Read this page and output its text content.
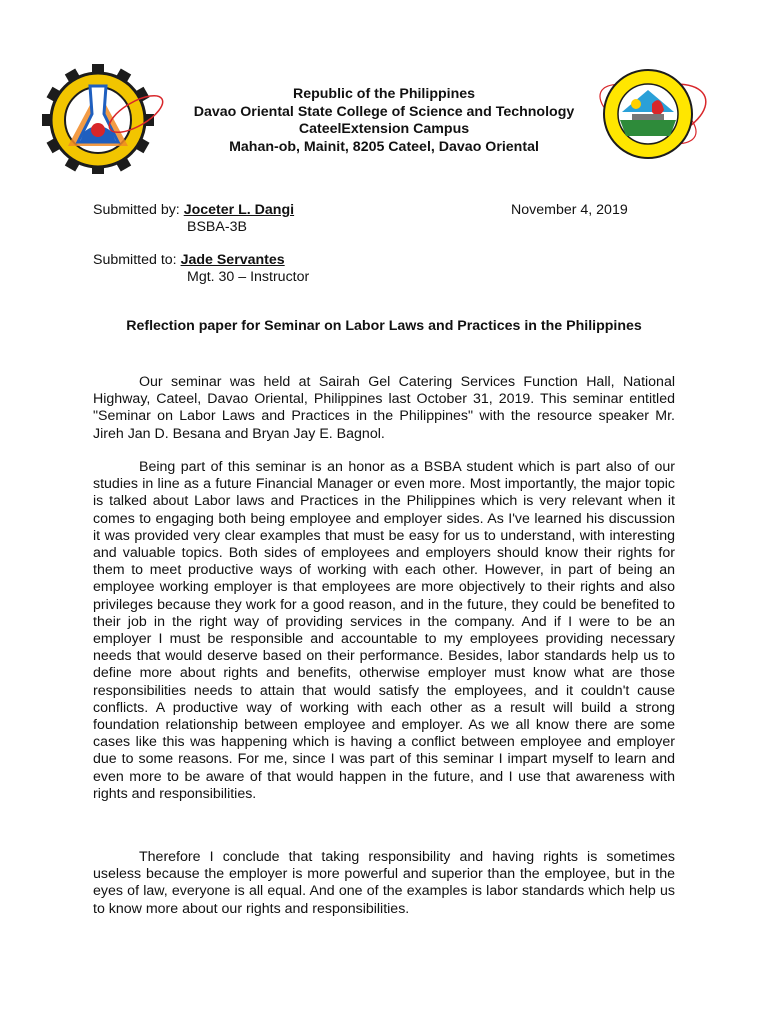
Republic of the Philippines
Davao Oriental State College of Science and Technology
CateelExtension Campus
Mahan-ob, Mainit, 8205 Cateel, Davao Oriental
Submitted by: Joceter L. Dangi	November 4, 2019
BSBA-3B
Submitted to: Jade Servantes
Mgt. 30 – Instructor
Reflection paper for Seminar on Labor Laws and Practices in the Philippines

Our seminar was held at Sairah Gel Catering Services Function Hall, National Highway, Cateel, Davao Oriental, Philippines last October 31, 2019. This seminar entitled "Seminar on Labor Laws and Practices in the Philippines" with the resource speaker Mr. Jireh Jan D. Besana and Bryan Jay E. Bagnol.

Being part of this seminar is an honor as a BSBA student which is part also of our studies in line as a future Financial Manager or even more. Most importantly, the major topic is talked about Labor laws and Practices in the Philippines which is very relevant when it comes to engaging both being employee and employer sides. As I've learned his discussion it was provided very clear examples that must be easy for us to understand, with interesting and valuable topics. Both sides of employees and employers should know their rights for them to meet productive ways of working with each other. However, in part of being an employee working employer is that employees are more objectively to their rights and also privileges because they work for a good reason, and in the future, they could be benefited to their job in the right way of providing services in the company. And if I were to be an employer I must be responsible and accountable to my employees providing necessary needs that would deserve based on their performance. Besides, labor standards help us to define more about rights and benefits, otherwise employer must know what are those responsibilities needs to attain that would satisfy the employees, and it couldn't cause conflicts. A productive way of working with each other as a result will build a strong foundation relationship between employee and employer. As we all know there are some cases like this was happening which is having a conflict between employee and employer due to some reasons. For me, since I was part of this seminar I impart myself to learn and even more to be aware of that would happen in the future, and I use that awareness with rights and responsibilities.

Therefore I conclude that taking responsibility and having rights is sometimes useless because the employer is more powerful and superior than the employee, but in the eyes of law, everyone is all equal. And one of the examples is labor standards which help us to know more about our rights and responsibilities.
